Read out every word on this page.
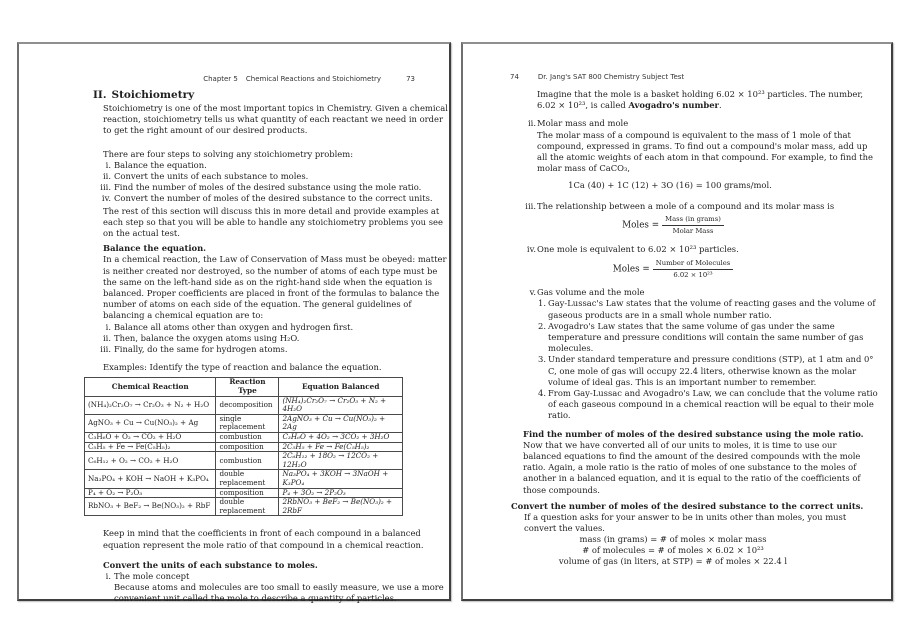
Chapter 5 Chemical Reactions and Stoichiometry	73
II. Stoichiometry
Stoichiometry is one of the most important topics in Chemistry. Given a chemical reaction, stoichiometry tells us what quantity of each reactant we need in order to get the right amount of our desired products.
There are four steps to solving any stoichiometry problem:
i. Balance the equation.
ii. Convert the units of each substance to moles.
iii. Find the number of moles of the desired substance using the mole ratio.
iv. Convert the number of moles of the desired substance to the correct units.
The rest of this section will discuss this in more detail and provide examples at each step so that you will be able to handle any stoichiometry problems you see on the actual test.
Balance the equation.
In a chemical reaction, the Law of Conservation of Mass must be obeyed: matter is neither created nor destroyed, so the number of atoms of each type must be the same on the left-hand side as on the right-hand side when the equation is balanced. Proper coefficients are placed in front of the formulas to balance the number of atoms on each side of the equation. The general guidelines of balancing a chemical equation are to:
i. Balance all atoms other than oxygen and hydrogen first.
ii. Then, balance the oxygen atoms using H₂O.
iii. Finally, do the same for hydrogen atoms.
Examples: Identify the type of reaction and balance the equation.
Chemical Reaction	Reaction Type	Equation Balanced
(NH₄)₂Cr₂O₇ → Cr₂O₃ + N₂ + H₂O	decomposition	(NH₄)₂Cr₂O₇ → Cr₂O₃ + N₂ + 4H₂O
AgNO₃ + Cu → Cu(NO₃)₂ + Ag	single replacement	2AgNO₃ + Cu → Cu(NO₃)₂ + 2Ag
C₃H₆O + O₂ → CO₂ + H₂O	combustion	C₃H₆O + 4O₂ → 3CO₂ + 3H₂O
C₅H₅ + Fe → Fe(C₅H₅)₂	composition	2C₅H₅ + Fe → Fe(C₅H₅)₂
C₆H₁₂ + O₂ → CO₂ + H₂O	combustion	2C₆H₁₂ + 18O₂ → 12CO₂ + 12H₂O
Na₃PO₄ + KOH → NaOH + K₃PO₄	double replacement	Na₃PO₄ + 3KOH → 3NaOH + K₃PO₄
P₄ + O₂ → P₂O₃	composition	P₄ + 3O₂ → 2P₂O₃
RbNO₃ + BeF₂ → Be(NO₃)₂ + RbF	double replacement	2RbNO₃ + BeF₂ → Be(NO₃)₂ + 2RbF
Keep in mind that the coefficients in front of each compound in a balanced equation represent the mole ratio of that compound in a chemical reaction.
Convert the units of each substance to moles.
i. The mole concept
Because atoms and molecules are too small to easily measure, we use a more convenient unit called the mole to describe a quantity of particles.
74	Dr. Jang's SAT 800 Chemistry Subject Test
Imagine that the mole is a basket holding 6.02 × 10²³ particles. The number, 6.02 × 10²³, is called Avogadro's number.
ii. Molar mass and mole
The molar mass of a compound is equivalent to the mass of 1 mole of that compound, expressed in grams. To find out a compound's molar mass, add up all the atomic weights of each atom in that compound. For example, to find the molar mass of CaCO₃,
1Ca (40) + 1C (12) + 3O (16) = 100 grams/mol.
iii. The relationship between a mole of a compound and its molar mass is
Moles = $\frac{\text{Mass (in grams)}}{\text{Molar Mass}}$
iv. One mole is equivalent to 6.02 × 10²³ particles.
Moles = $\frac{\text{Number of Molecules}}{\text{6.02 × 10²³}}$
v. Gas volume and the mole
1. Gay-Lussac's Law states that the volume of reacting gases and the volume of gaseous products are in a small whole number ratio.
2. Avogadro's Law states that the same volume of gas under the same temperature and pressure conditions will contain the same number of gas molecules.
3. Under standard temperature and pressure conditions (STP), at 1 atm and 0° C, one mole of gas will occupy 22.4 liters, otherwise known as the molar volume of ideal gas. This is an important number to remember.
4. From Gay-Lussac and Avogadro's Law, we can conclude that the volume ratio of each gaseous compound in a chemical reaction will be equal to their mole ratio.
Find the number of moles of the desired substance using the mole ratio.
Now that we have converted all of our units to moles, it is time to use our balanced equations to find the amount of the desired compounds with the mole ratio. Again, a mole ratio is the ratio of moles of one substance to the moles of another in a balanced equation, and it is equal to the ratio of the coefficients of those compounds.
Convert the number of moles of the desired substance to the correct units.
If a question asks for your answer to be in units other than moles, you must convert the values.
mass (in grams) = # of moles × molar mass
# of molecules = # of moles × 6.02 × 10²³
volume of gas (in liters, at STP) = # of moles × 22.4 l
